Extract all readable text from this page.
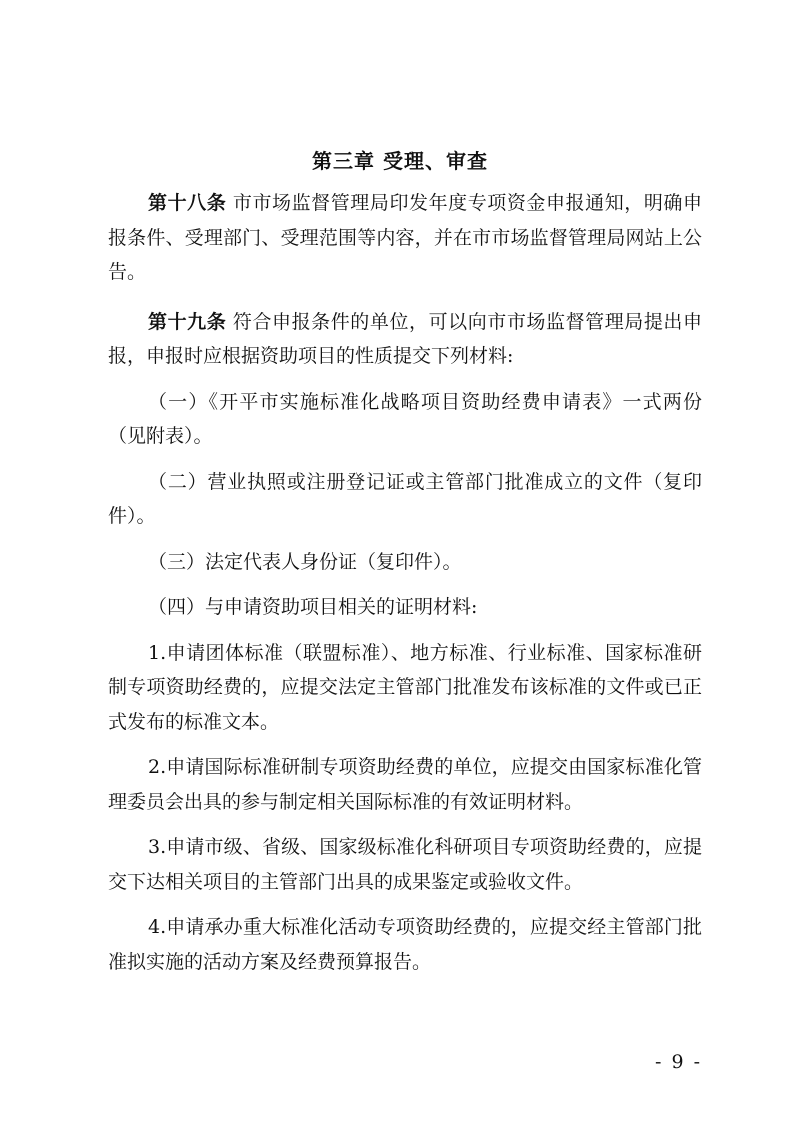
第三章 受理、审查

第十八条 市市场监督管理局印发年度专项资金申报通知，明确申报条件、受理部门、受理范围等内容，并在市市场监督管理局网站上公告。

第十九条 符合申报条件的单位，可以向市市场监督管理局提出申报，申报时应根据资助项目的性质提交下列材料:

（一）《开平市实施标准化战略项目资助经费申请表》一式两份（见附表）。

（二）营业执照或注册登记证或主管部门批准成立的文件（复印件）。

（三）法定代表人身份证（复印件）。

（四）与申请资助项目相关的证明材料:

1.申请团体标准（联盟标准）、地方标准、行业标准、国家标准研制专项资助经费的，应提交法定主管部门批准发布该标准的文件或已正式发布的标准文本。

2.申请国际标准研制专项资助经费的单位，应提交由国家标准化管理委员会出具的参与制定相关国际标准的有效证明材料。

3.申请市级、省级、国家级标准化科研项目专项资助经费的，应提交下达相关项目的主管部门出具的成果鉴定或验收文件。

4.申请承办重大标准化活动专项资助经费的，应提交经主管部门批准拟实施的活动方案及经费预算报告。

- 9 -
